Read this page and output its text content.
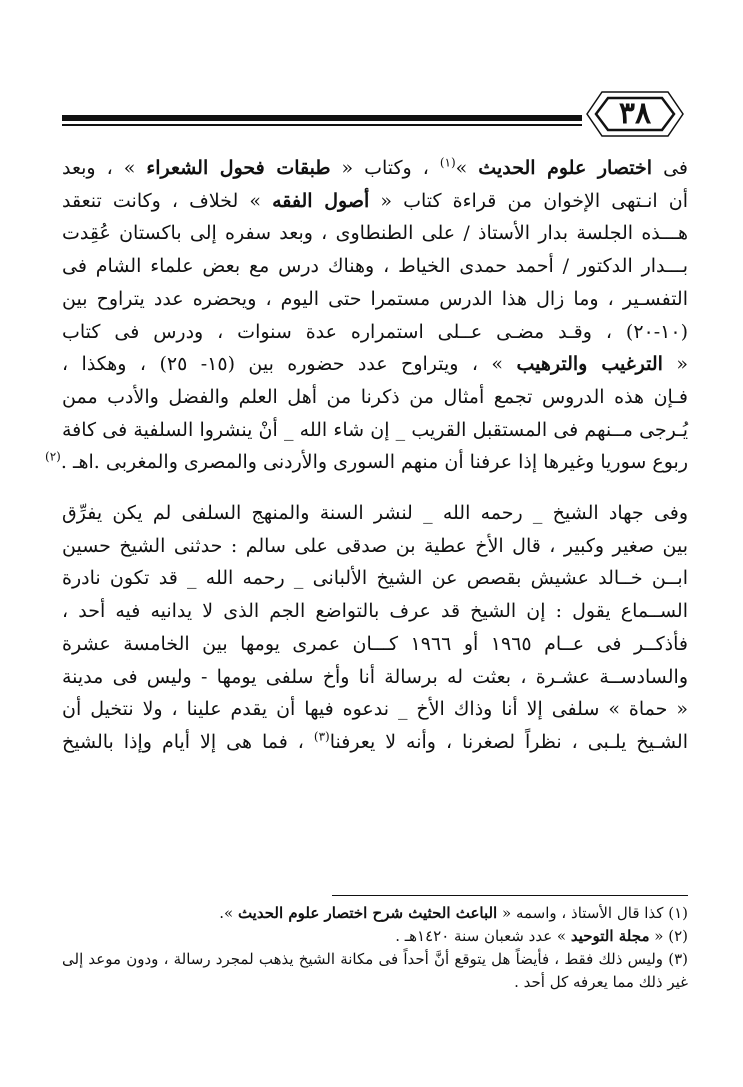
٣٨

فى اختصار علوم الحديث »$^{(١)}$ ، وكتاب « طبقات فحول الشعراء » ، وبعد
أن انـتهى الإخوان من قراءة كتاب « أصول الفقه » لخلاف ، وكانت تنعقد
هـــذه الجلسة بدار الأستاذ / على الطنطاوى ، وبعد سفره إلى باكستان عُقِدت
بـــدار الدكتور / أحمد حمدى الخياط ، وهناك درس مع بعض علماء الشام فى
التفسـير ، وما زال هذا الدرس مستمرا حتى اليوم ، ويحضره عدد يتراوح بين
(١٠-٢٠) ، وقـد مضـى عــلى استمراره عدة سنوات ، ودرس فى كتاب
« الترغيب والترهيب » ، ويتراوح عدد حضوره بين (١٥- ٢٥) ، وهكذا ،
فـإن هذه الدروس تجمع أمثال من ذكرنا من أهل العلم والفضل والأدب ممن
يُـرجى مــنهم فى المستقبل القريب _ إن شاء الله _ أنْ ينشروا السلفية فى كافة
ربوع سوريا وغيرها إذا عرفنا أن منهم السورى والأردنى والمصرى والمغربى .اهـ .$^{(٢)}$

وفى جهاد الشيخ _ رحمه الله _ لنشر السنة والمنهج السلفى لم يكن يفرِّق
بين صغير وكبير ، قال الأخ عطية بن صدقى على سالم : حدثنى الشيخ حسين
ابــن خــالد عشيش بقصص عن الشيخ الألبانى _ رحمه الله _ قد تكون نادرة
الســماع يقول : إن الشيخ قد عرف بالتواضع الجم الذى لا يدانيه فيه أحد ،
فأذكــر فى عــام ١٩٦٥ أو ١٩٦٦ كـــان عمرى يومها بين الخامسة عشرة
والسادســة عشـرة ، بعثت له برسالة أنا وأخ سلفى يومها - وليس فى مدينة
« حماة » سلفى إلا أنا وذاك الأخ _ ندعوه فيها أن يقدم علينا ، ولا نتخيل أن
الشـيخ يلـبى ، نظراً لصغرنا ، وأنه لا يعرفنا$^{(٣)}$ ، فما هى إلا أيام وإذا بالشيخ

(١) كذا قال الأستاذ ، واسمه « الباعث الحثيث شرح اختصار علوم الحديث ».
(٢) « مجلة التوحيد » عدد شعبان سنة ١٤٢٠هـ .
(٣) وليس ذلك فقط ، فأيضاً هل يتوقع أنَّ أحداً فى مكانة الشيخ يذهب لمجرد رسالة ، ودون موعد إلى غير ذلك مما يعرفه كل أحد .
